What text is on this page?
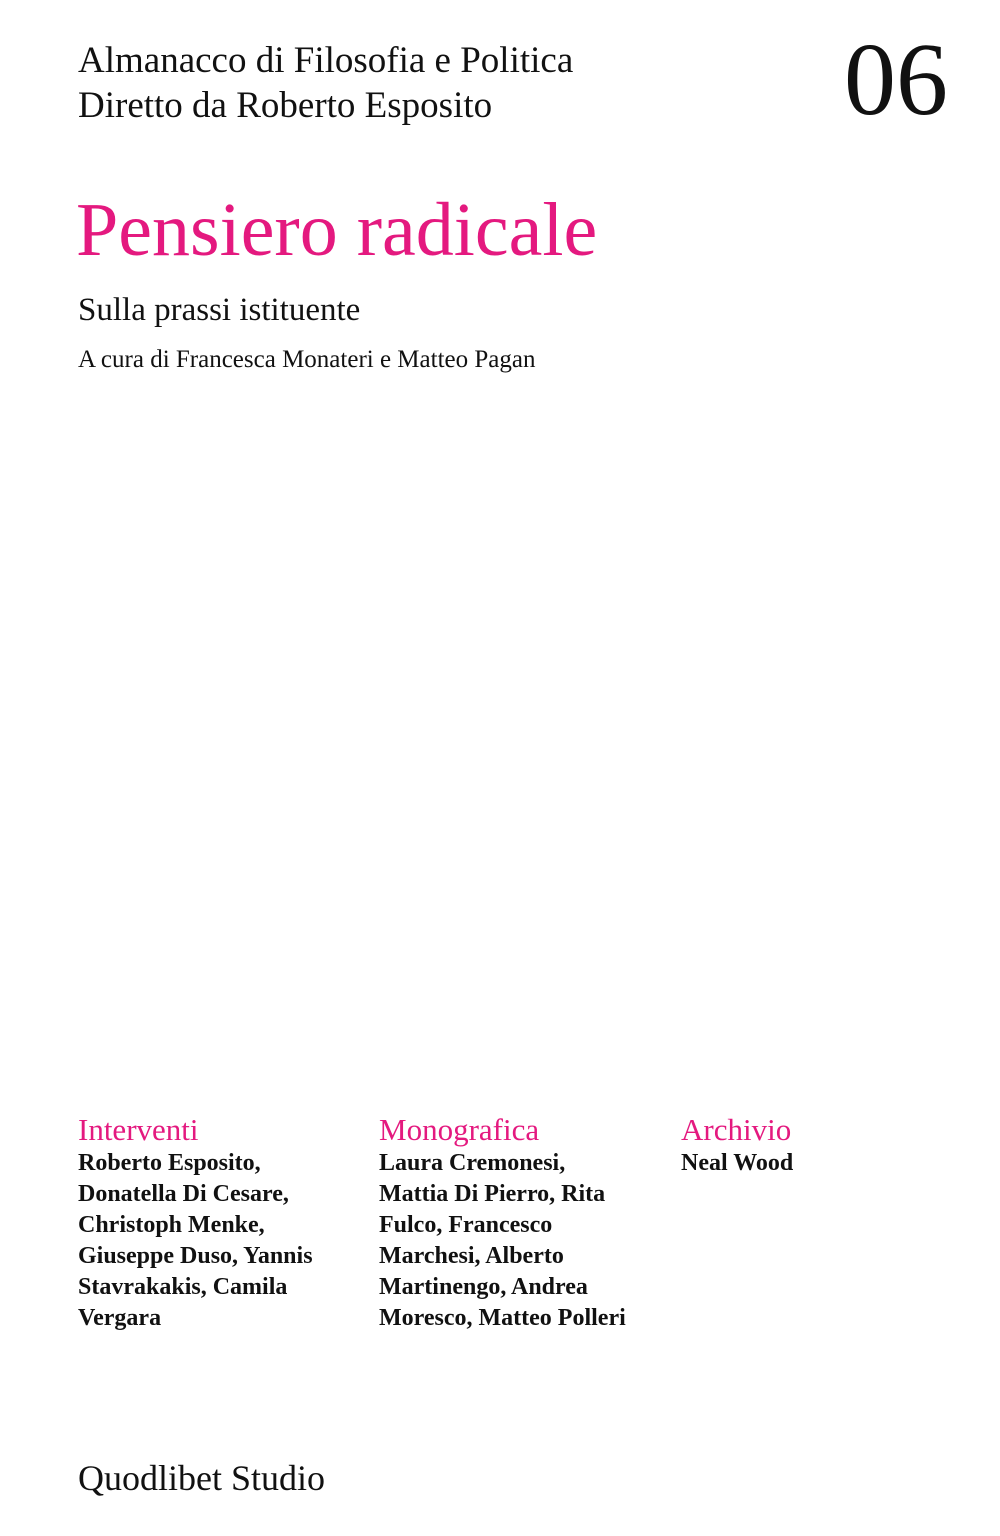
Almanacco di Filosofia e Politica
Diretto da Roberto Esposito	06
Pensiero radicale
Sulla prassi istituente
A cura di Francesca Monateri e Matteo Pagan
Interventi
Roberto Esposito,
Donatella Di Cesare,
Christoph Menke,
Giuseppe Duso, Yannis
Stavrakakis, Camila
Vergara
Monografica
Laura Cremonesi,
Mattia Di Pierro, Rita
Fulco, Francesco
Marchesi, Alberto
Martinengo, Andrea
Moresco, Matteo Polleri
Archivio
Neal Wood
Quodlibet Studio
